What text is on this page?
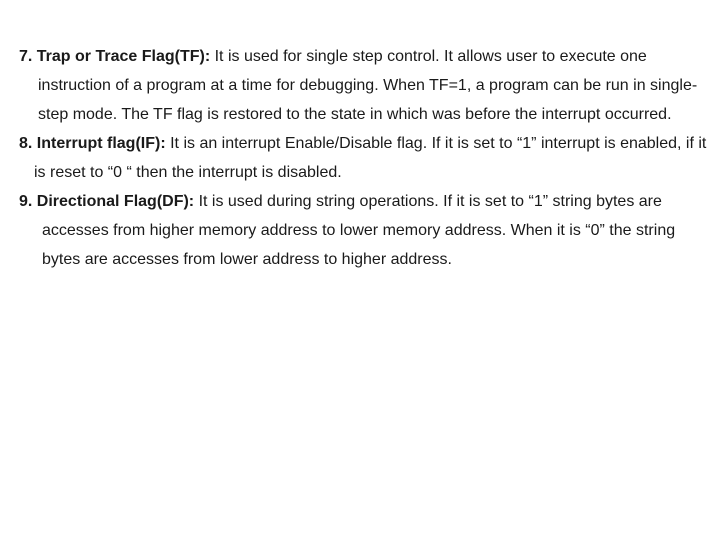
7. Trap or Trace Flag(TF): It is used for single step control. It allows user to execute one instruction of a program at a time for debugging. When TF=1, a program can be run in single-step mode. The TF flag is restored to the state in which was before the interrupt occurred.
8. Interrupt flag(IF): It is an interrupt Enable/Disable flag. If it is set to “1” interrupt is enabled, if it is reset to “0 “ then the interrupt is disabled.
9. Directional Flag(DF): It is used during string operations. If it is set to “1” string bytes are accesses from higher memory address to lower memory address. When it is “0” the string bytes are accesses from lower address to higher address.
